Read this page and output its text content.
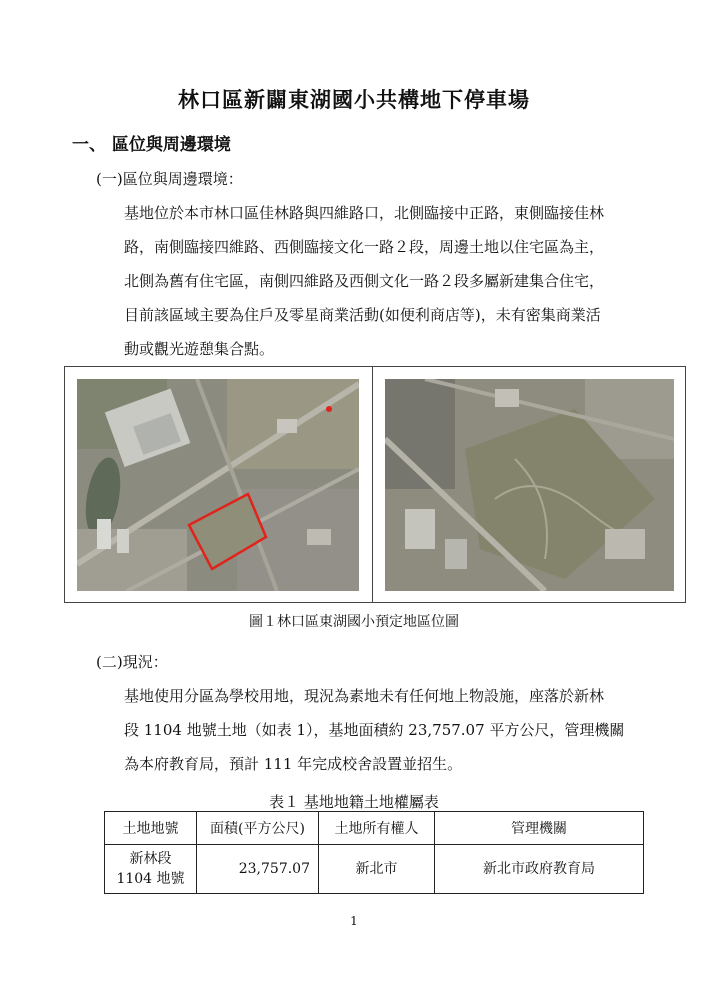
林口區新闢東湖國小共構地下停車場
一、 區位與周邊環境
(一)區位與周邊環境：
基地位於本市林口區佳林路與四維路口，北側臨接中正路，東側臨接佳林
路，南側臨接四維路、西側臨接文化一路２段，周邊土地以住宅區為主，
北側為舊有住宅區，南側四維路及西側文化一路２段多屬新建集合住宅，
目前該區域主要為住戶及零星商業活動(如便利商店等)，未有密集商業活
動或觀光遊憩集合點。
圖１林口區東湖國小預定地區位圖
(二)現況：
基地使用分區為學校用地，現況為素地未有任何地上物設施，座落於新林
段 1104 地號土地（如表 1），基地面積約 23,757.07 平方公尺，管理機關
為本府教育局，預計 111 年完成校舍設置並招生。
表１ 基地地籍土地權屬表
土地地號	面積(平方公尺)	土地所有權人	管理機關

新林段
1104 地號	23,757.07	新北市	新北市政府教育局
1
